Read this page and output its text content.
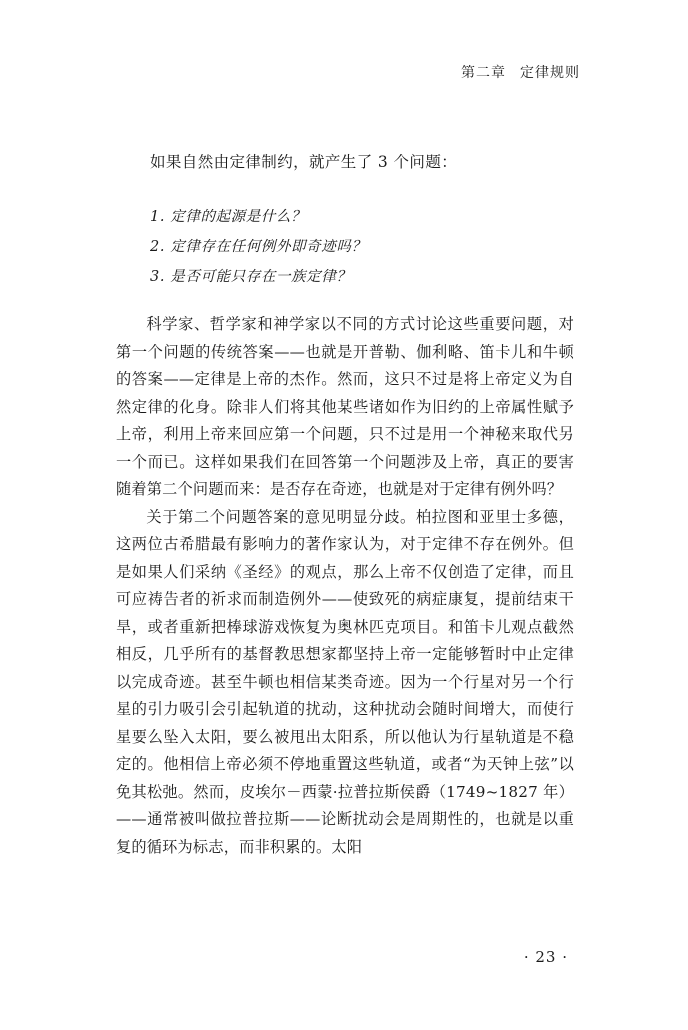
第二章 定律规则
如果自然由定律制约，就产生了 3 个问题：
1. 定律的起源是什么？
2. 定律存在任何例外即奇迹吗？
3. 是否可能只存在一族定律？

科学家、哲学家和神学家以不同的方式讨论这些重要问题，对第一个问题的传统答案——也就是开普勒、伽利略、笛卡儿和牛顿的答案——定律是上帝的杰作。然而，这只不过是将上帝定义为自然定律的化身。除非人们将其他某些诸如作为旧约的上帝属性赋予上帝，利用上帝来回应第一个问题，只不过是用一个神秘来取代另一个而已。这样如果我们在回答第一个问题涉及上帝，真正的要害随着第二个问题而来：是否存在奇迹，也就是对于定律有例外吗？

关于第二个问题答案的意见明显分歧。柏拉图和亚里士多德，这两位古希腊最有影响力的著作家认为，对于定律不存在例外。但是如果人们采纳《圣经》的观点，那么上帝不仅创造了定律，而且可应祷告者的祈求而制造例外——使致死的病症康复，提前结束干旱，或者重新把棒球游戏恢复为奥林匹克项目。和笛卡儿观点截然相反，几乎所有的基督教思想家都坚持上帝一定能够暂时中止定律以完成奇迹。甚至牛顿也相信某类奇迹。因为一个行星对另一个行星的引力吸引会引起轨道的扰动，这种扰动会随时间增大，而使行星要么坠入太阳，要么被甩出太阳系，所以他认为行星轨道是不稳定的。他相信上帝必须不停地重置这些轨道，或者“为天钟上弦”以免其松弛。然而，皮埃尔－西蒙·拉普拉斯侯爵（1749~1827 年）——通常被叫做拉普拉斯——论断扰动会是周期性的，也就是以重复的循环为标志，而非积累的。太阳

· 23 ·
